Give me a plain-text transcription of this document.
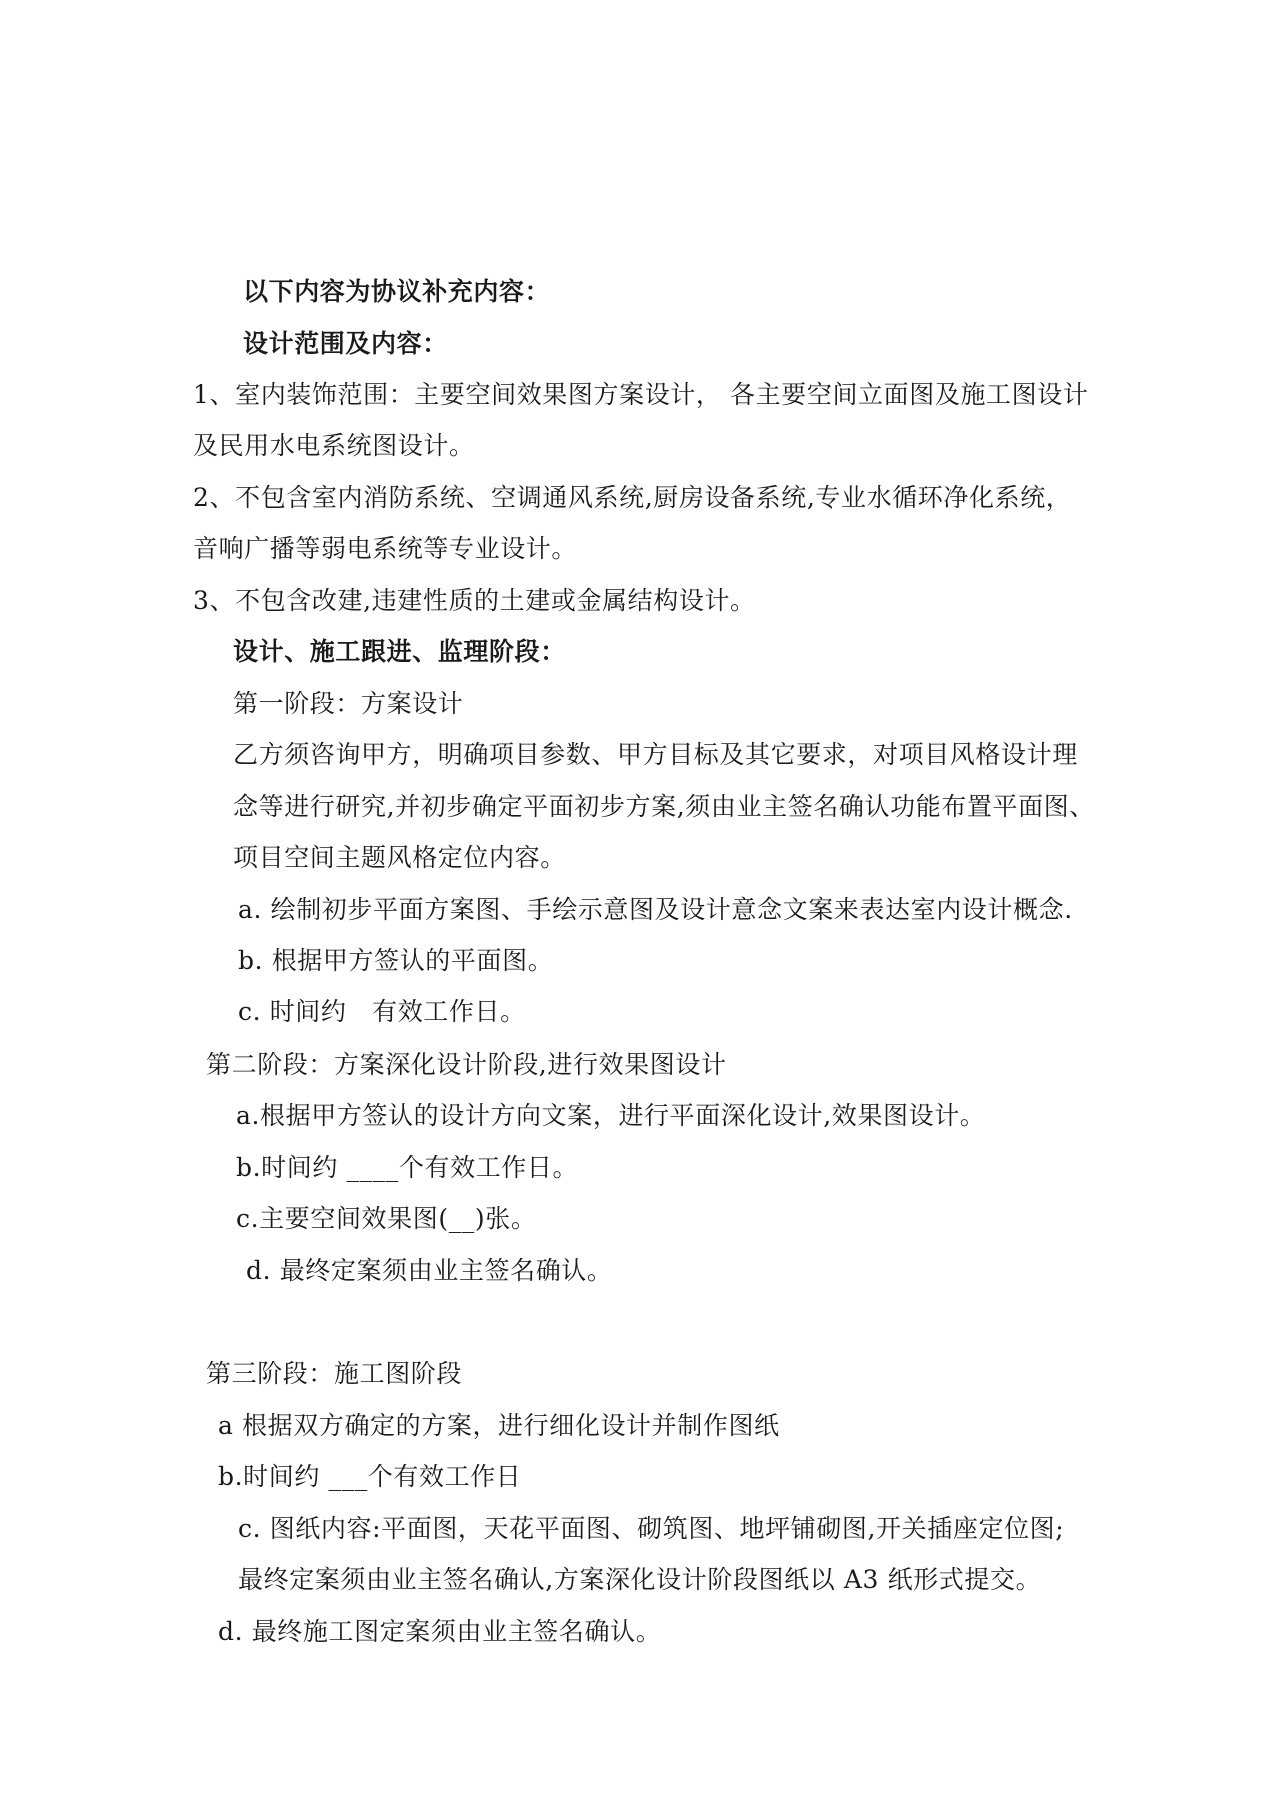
以下内容为协议补充内容：
设计范围及内容：
1、室内装饰范围：主要空间效果图方案设计， 各主要空间立面图及施工图设计
及民用水电系统图设计。
2、不包含室内消防系统、空调通风系统,厨房设备系统,专业水循环净化系统，
音响广播等弱电系统等专业设计。
3、不包含改建,违建性质的土建或金属结构设计。
设计、施工跟进、监理阶段：
第一阶段：方案设计
乙方须咨询甲方，明确项目参数、甲方目标及其它要求，对项目风格设计理
念等进行研究,并初步确定平面初步方案,须由业主签名确认功能布置平面图、
项目空间主题风格定位内容。
a. 绘制初步平面方案图、手绘示意图及设计意念文案来表达室内设计概念.
b. 根据甲方签认的平面图。
c. 时间约　有效工作日。
第二阶段：方案深化设计阶段,进行效果图设计
a.根据甲方签认的设计方向文案，进行平面深化设计,效果图设计。
b.时间约 ____个有效工作日。
c.主要空间效果图(__)张。
d. 最终定案须由业主签名确认。
第三阶段：施工图阶段
a 根据双方确定的方案，进行细化设计并制作图纸
b.时间约 ___个有效工作日
c. 图纸内容:平面图，天花平面图、砌筑图、地坪铺砌图,开关插座定位图;
最终定案须由业主签名确认,方案深化设计阶段图纸以 A3 纸形式提交。
d. 最终施工图定案须由业主签名确认。
